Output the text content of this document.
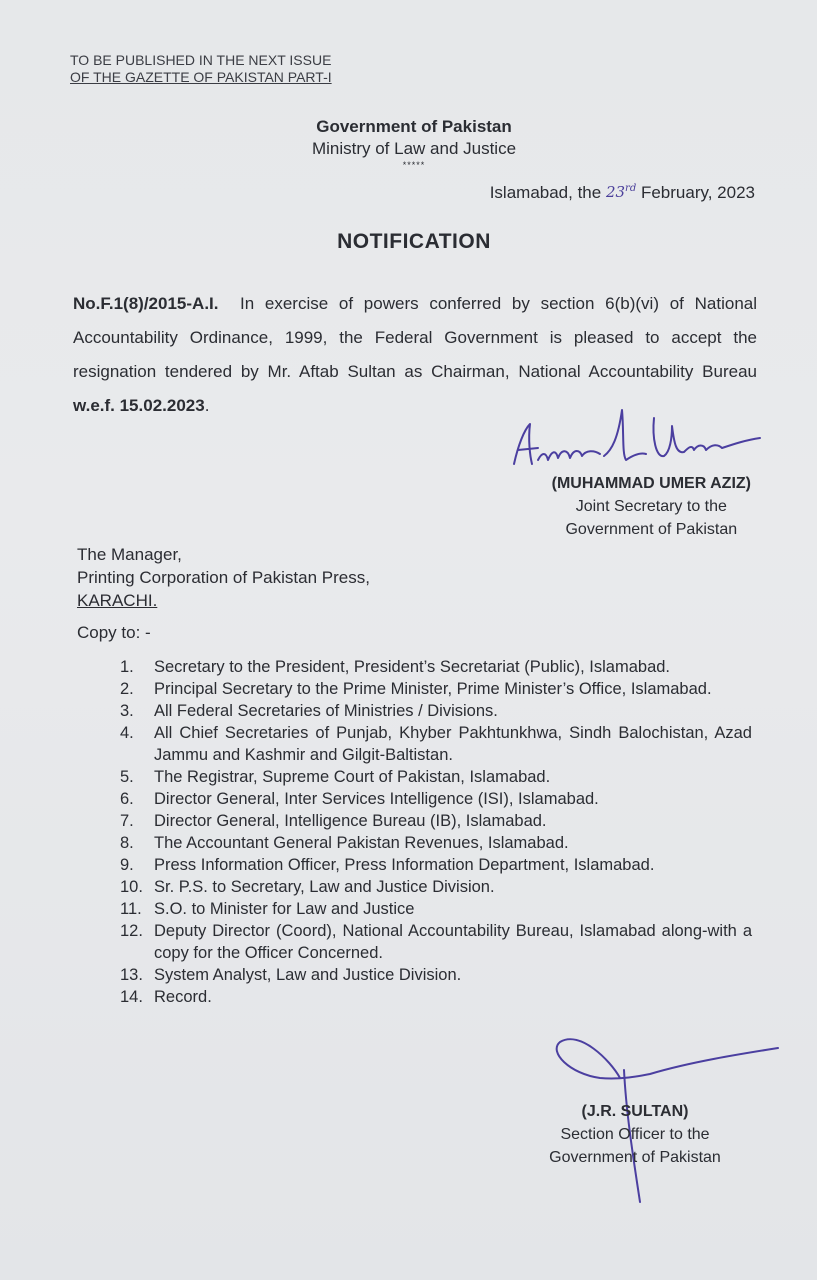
TO BE PUBLISHED IN THE NEXT ISSUE
OF THE GAZETTE OF PAKISTAN PART-I
Government of Pakistan
Ministry of Law and Justice
*****
Islamabad, the 23rd February, 2023
NOTIFICATION
No.F.1(8)/2015-A.I. In exercise of powers conferred by section 6(b)(vi) of National Accountability Ordinance, 1999, the Federal Government is pleased to accept the resignation tendered by Mr. Aftab Sultan as Chairman, National Accountability Bureau w.e.f. 15.02.2023.
(MUHAMMAD UMER AZIZ)
Joint Secretary to the
Government of Pakistan
The Manager,
Printing Corporation of Pakistan Press,
KARACHI.
Copy to: -
1.	Secretary to the President, President’s Secretariat (Public), Islamabad.
2.	Principal Secretary to the Prime Minister, Prime Minister’s Office, Islamabad.
3.	All Federal Secretaries of Ministries / Divisions.
4.	All Chief Secretaries of Punjab, Khyber Pakhtunkhwa, Sindh Balochistan, Azad Jammu and Kashmir and Gilgit-Baltistan.
5.	The Registrar, Supreme Court of Pakistan, Islamabad.
6.	Director General, Inter Services Intelligence (ISI), Islamabad.
7.	Director General, Intelligence Bureau (IB), Islamabad.
8.	The Accountant General Pakistan Revenues, Islamabad.
9.	Press Information Officer, Press Information Department, Islamabad.
10. Sr. P.S. to Secretary, Law and Justice Division.
11. S.O. to Minister for Law and Justice
12. Deputy Director (Coord), National Accountability Bureau, Islamabad along-with a copy for the Officer Concerned.
13. System Analyst, Law and Justice Division.
14. Record.
(J.R. SULTAN)
Section Officer to the
Government of Pakistan
